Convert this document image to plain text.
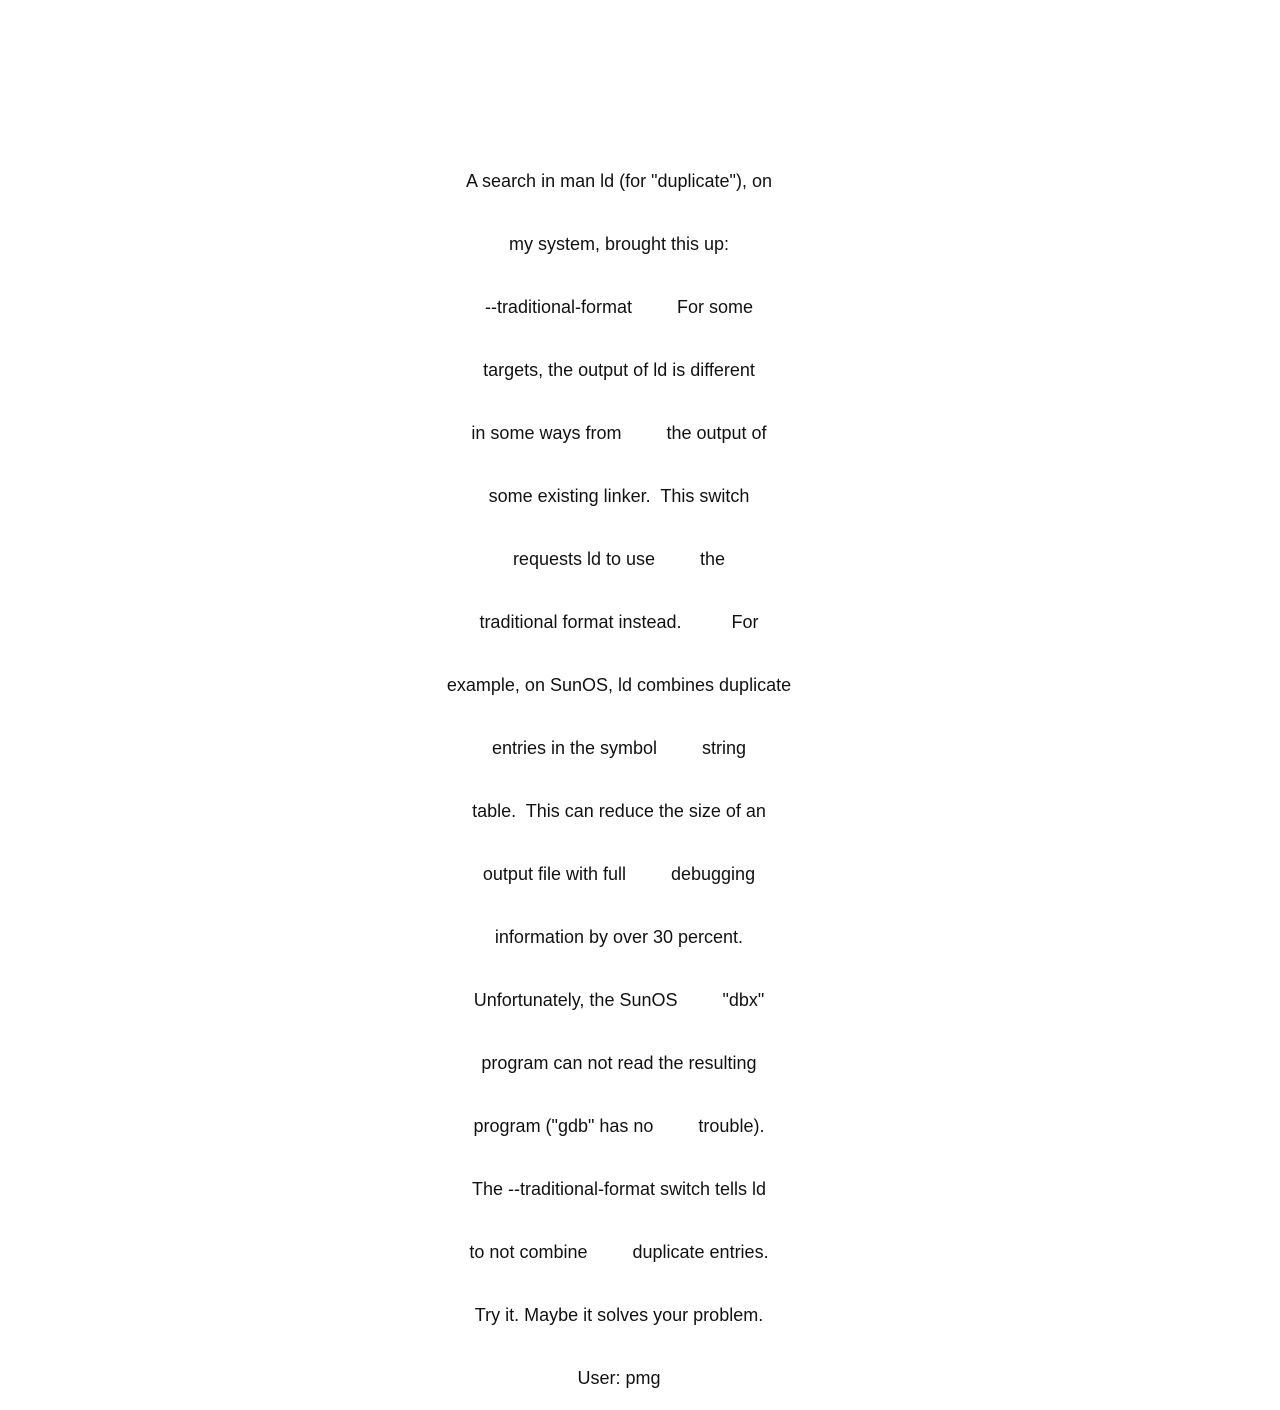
A search in man ld (for "duplicate"), on

my system, brought this up:

--traditional-format         For some

targets, the output of ld is different

in some ways from         the output of

some existing linker.  This switch

requests ld to use         the

traditional format instead.          For

example, on SunOS, ld combines duplicate

entries in the symbol         string

table.  This can reduce the size of an

output file with full         debugging

information by over 30 percent.

Unfortunately, the SunOS         "dbx"

program can not read the resulting

program ("gdb" has no         trouble).

The --traditional-format switch tells ld

to not combine         duplicate entries.

Try it. Maybe it solves your problem.

User: pmg
